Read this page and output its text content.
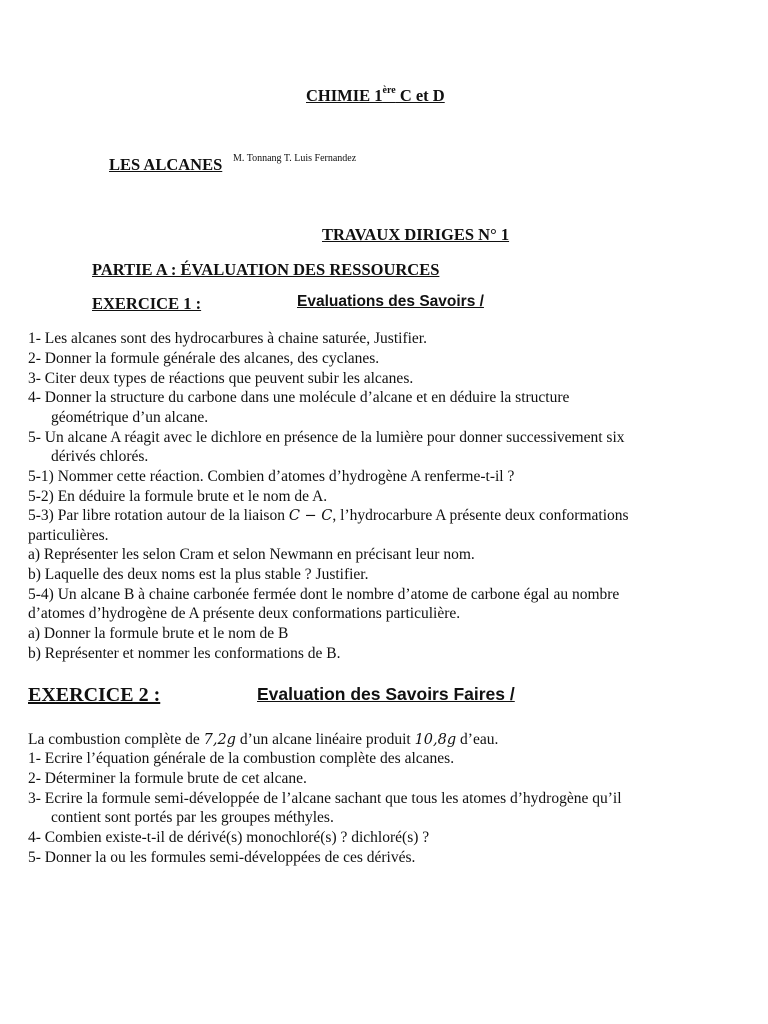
CHIMIE 1ère C et D
LES ALCANES M. Tonnang T. Luis Fernandez
TRAVAUX DIRIGES N° 1
PARTIE A : ÉVALUATION DES RESSOURCES
EXERCICE 1 :	Evaluations des Savoirs /
1- Les alcanes sont des hydrocarbures à chaine saturée, Justifier.
2- Donner la formule générale des alcanes, des cyclanes.
3- Citer deux types de réactions que peuvent subir les alcanes.
4- Donner la structure du carbone dans une molécule d’alcane et en déduire la structure
géométrique d’un alcane.
5- Un alcane A réagit avec le dichlore en présence de la lumière pour donner successivement six
dérivés chlorés.
5-1) Nommer cette réaction. Combien d’atomes d’hydrogène A renferme-t-il ?
5-2) En déduire la formule brute et le nom de A.
5-3) Par libre rotation autour de la liaison C − C, l’hydrocarbure A présente deux conformations
particulières.
a) Représenter les selon Cram et selon Newmann en précisant leur nom.
b) Laquelle des deux noms est la plus stable ? Justifier.
5-4) Un alcane B à chaine carbonée fermée dont le nombre d’atome de carbone égal au nombre
d’atomes d’hydrogène de A présente deux conformations particulière.
a) Donner la formule brute et le nom de B
b) Représenter et nommer les conformations de B.
EXERCICE 2 :	Evaluation des Savoirs Faires /
La combustion complète de 7,2g d’un alcane linéaire produit 10,8g d’eau.
1- Ecrire l’équation générale de la combustion complète des alcanes.
2- Déterminer la formule brute de cet alcane.
3- Ecrire la formule semi-développée de l’alcane sachant que tous les atomes d’hydrogène qu’il
contient sont portés par les groupes méthyles.
4- Combien existe-t-il de dérivé(s) monochloré(s) ? dichloré(s) ?
5- Donner la ou les formules semi-développées de ces dérivés.
